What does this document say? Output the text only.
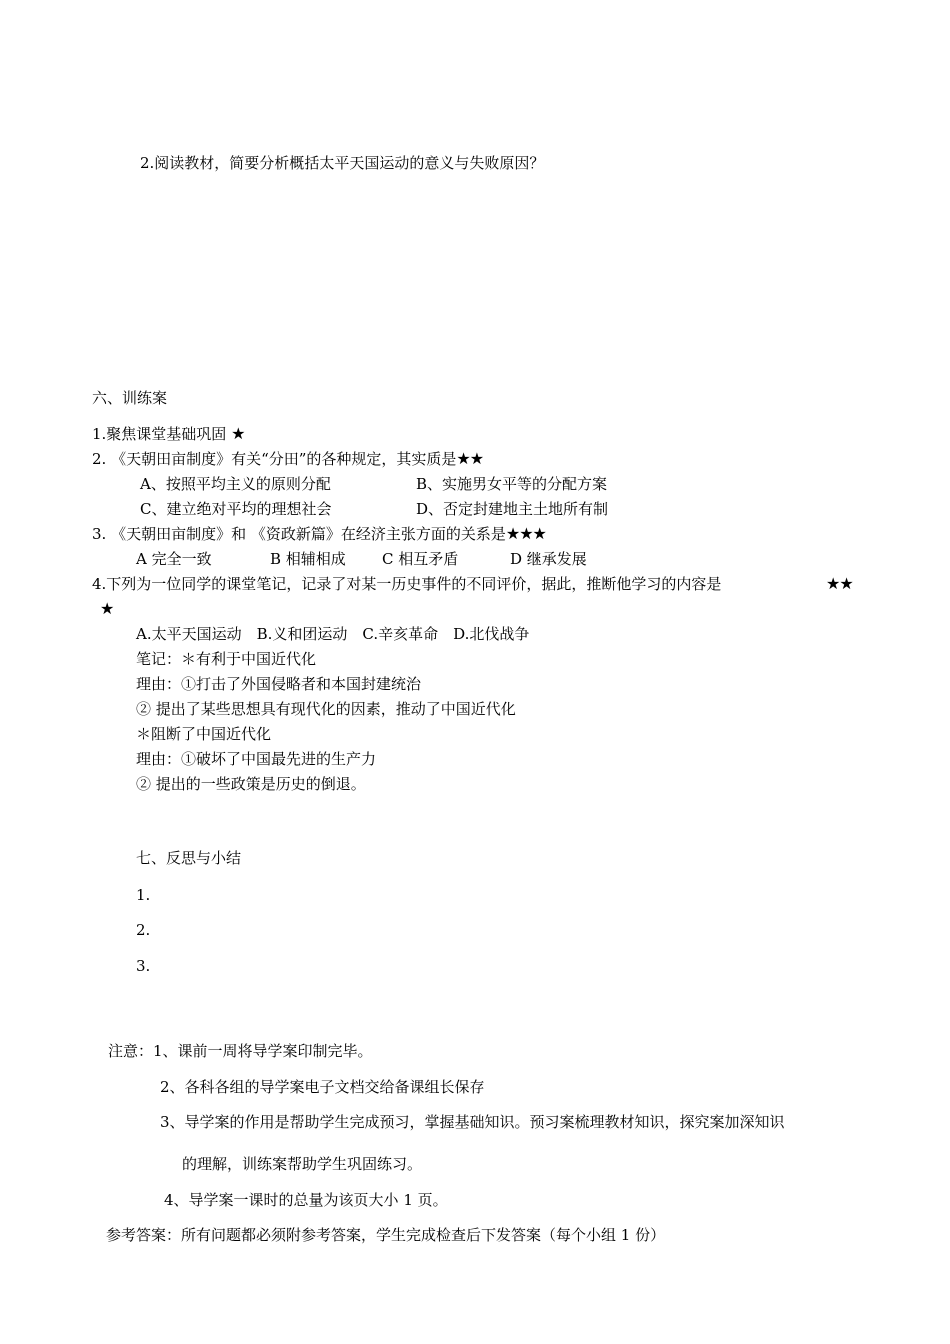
2.阅读教材，简要分析概括太平天国运动的意义与失败原因？
六、训练案
1.聚焦课堂基础巩固 ★
2. 《天朝田亩制度》有关“分田”的各种规定，其实质是★★
A、按照平均主义的原则分配	B、实施男女平等的分配方案
C、建立绝对平均的理想社会	D、否定封建地主土地所有制
3. 《天朝田亩制度》和 《资政新篇》在经济主张方面的关系是★★★
A 完全一致	B 相辅相成 C 相互矛盾	D 继承发展
4.下列为一位同学的课堂笔记，记录了对某一历史事件的不同评价，据此，推断他学习的内容是	★★
★
A.太平天国运动　B.义和团运动　C.辛亥革命　D.北伐战争
笔记：＊有利于中国近代化
理由：①打击了外国侵略者和本国封建统治
② 提出了某些思想具有现代化的因素，推动了中国近代化
＊阻断了中国近代化
理由：①破坏了中国最先进的生产力
② 提出的一些政策是历史的倒退。
七、反思与小结
1.
2.
3.
注意：1、课前一周将导学案印制完毕。
2、各科各组的导学案电子文档交给备课组长保存
3、导学案的作用是帮助学生完成预习，掌握基础知识。预习案梳理教材知识，探究案加深知识
的理解，训练案帮助学生巩固练习。
4、导学案一课时的总量为该页大小 1 页。
参考答案：所有问题都必须附参考答案，学生完成检查后下发答案（每个小组 1 份）
